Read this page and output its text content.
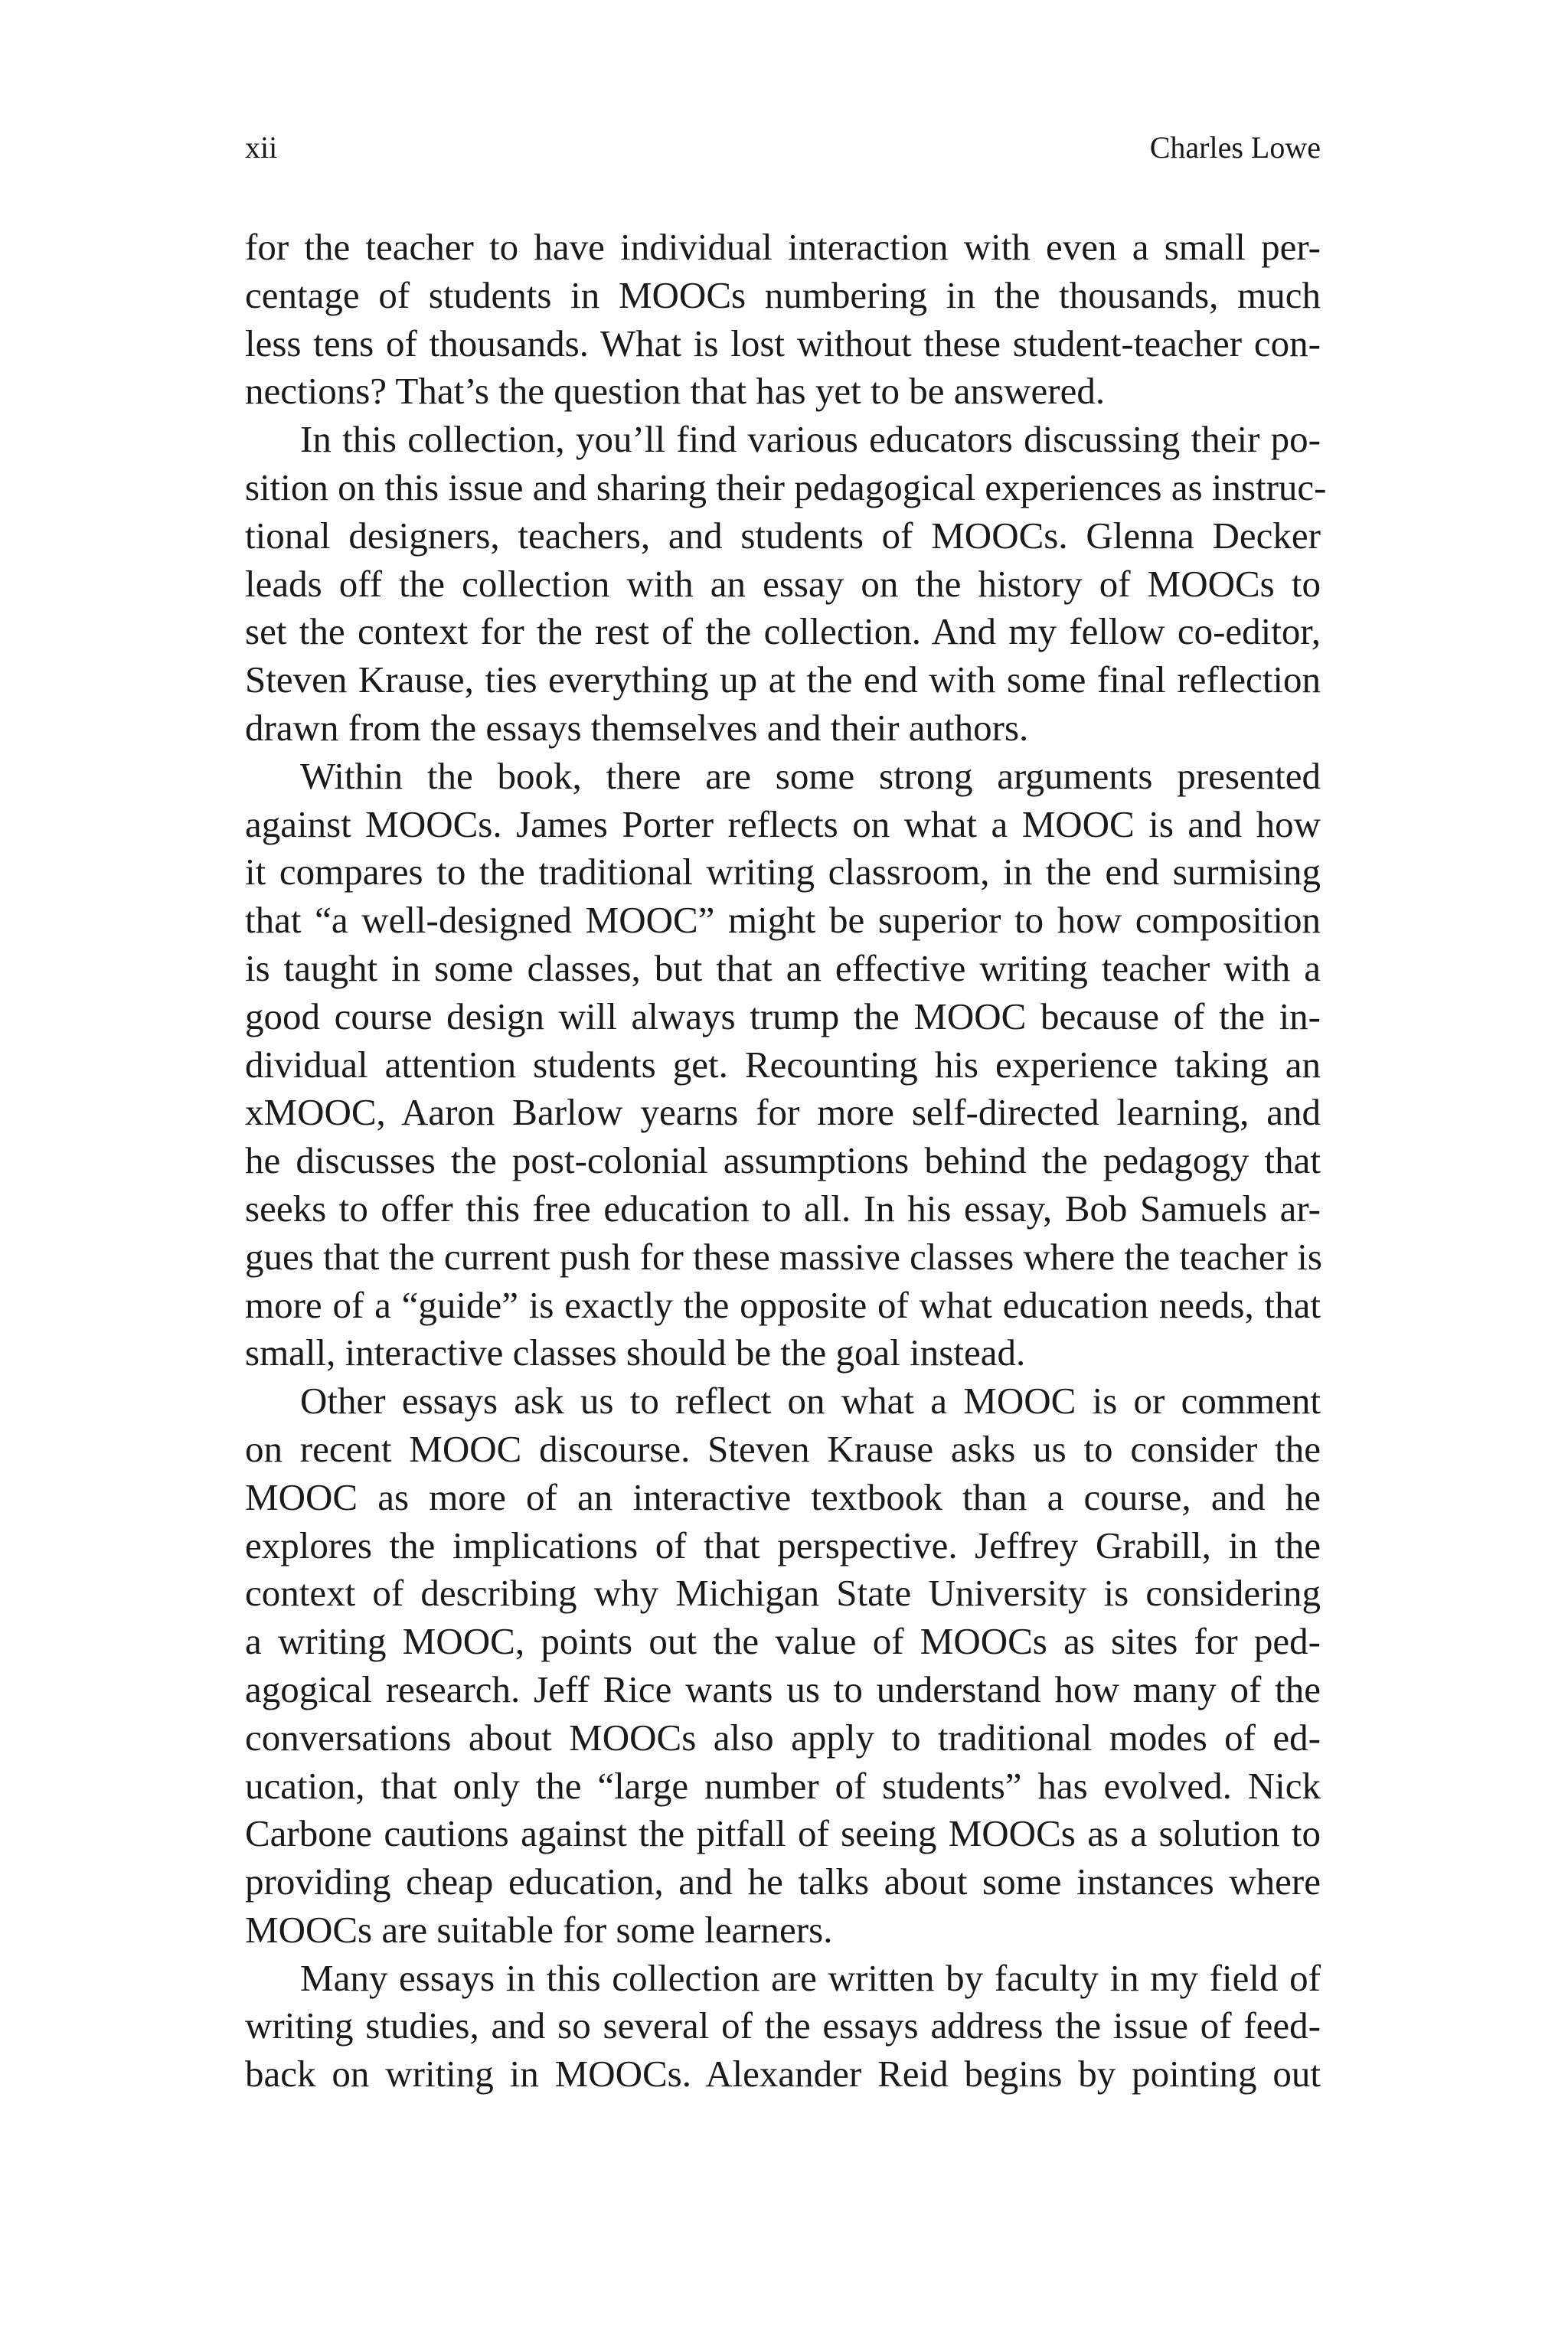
xii	Charles Lowe
for the teacher to have individual interaction with even a small per-
centage of students in MOOCs numbering in the thousands, much
less tens of thousands. What is lost without these student-teacher con-
nections? That’s the question that has yet to be answered.
In this collection, you’ll find various educators discussing their po-
sition on this issue and sharing their pedagogical experiences as instruc-
tional designers, teachers, and students of MOOCs. Glenna Decker
leads off the collection with an essay on the history of MOOCs to
set the context for the rest of the collection. And my fellow co-editor,
Steven Krause, ties everything up at the end with some final reflection
drawn from the essays themselves and their authors.
Within the book, there are some strong arguments presented
against MOOCs. James Porter reflects on what a MOOC is and how
it compares to the traditional writing classroom, in the end surmising
that “a well-designed MOOC” might be superior to how composition
is taught in some classes, but that an effective writing teacher with a
good course design will always trump the MOOC because of the in-
dividual attention students get. Recounting his experience taking an
xMOOC, Aaron Barlow yearns for more self-directed learning, and
he discusses the post-colonial assumptions behind the pedagogy that
seeks to offer this free education to all. In his essay, Bob Samuels ar-
gues that the current push for these massive classes where the teacher is
more of a “guide” is exactly the opposite of what education needs, that
small, interactive classes should be the goal instead.
Other essays ask us to reflect on what a MOOC is or comment
on recent MOOC discourse. Steven Krause asks us to consider the
MOOC as more of an interactive textbook than a course, and he
explores the implications of that perspective. Jeffrey Grabill, in the
context of describing why Michigan State University is considering
a writing MOOC, points out the value of MOOCs as sites for ped-
agogical research. Jeff Rice wants us to understand how many of the
conversations about MOOCs also apply to traditional modes of ed-
ucation, that only the “large number of students” has evolved. Nick
Carbone cautions against the pitfall of seeing MOOCs as a solution to
providing cheap education, and he talks about some instances where
MOOCs are suitable for some learners.
Many essays in this collection are written by faculty in my field of
writing studies, and so several of the essays address the issue of feed-
back on writing in MOOCs. Alexander Reid begins by pointing out
